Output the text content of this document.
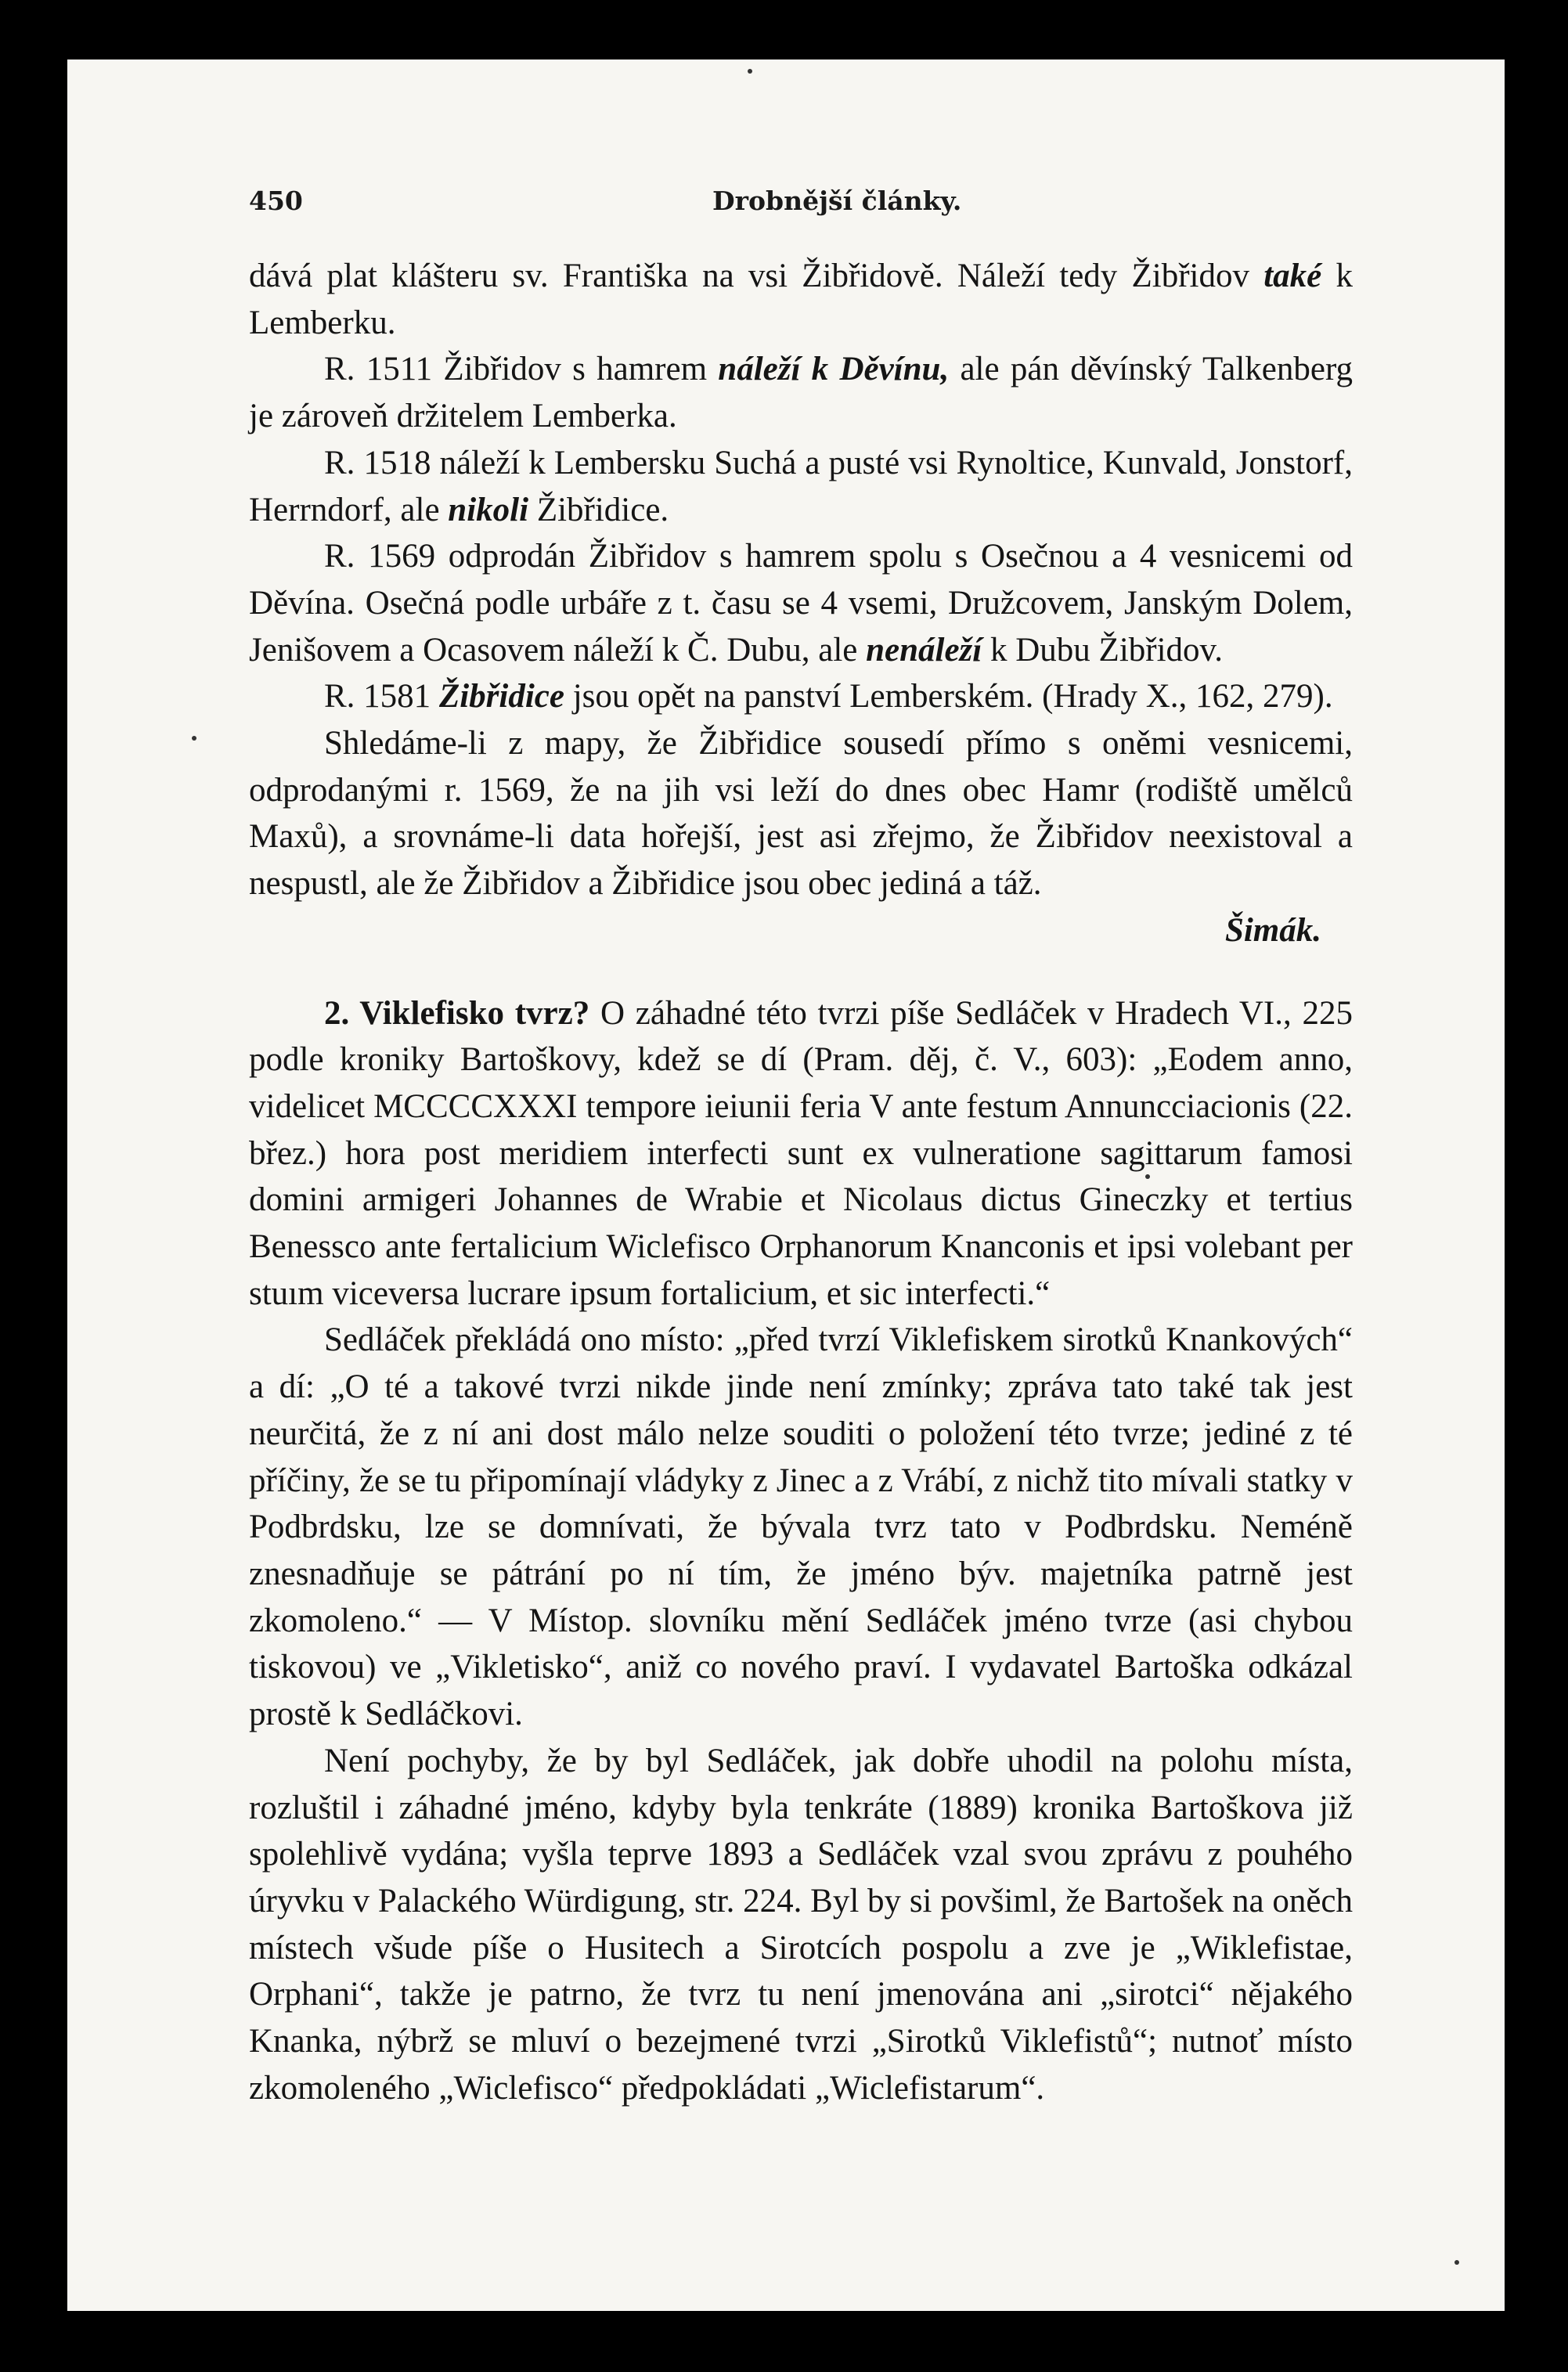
450	Drobnější články.

dává plat klášteru sv. Františka na vsi Žibřidově. Náleží tedy Žibřidov také k Lemberku.

R. 1511 Žibřidov s hamrem náleží k Děvínu, ale pán děvínský Talkenberg je zároveň držitelem Lemberka.

R. 1518 náleží k Lembersku Suchá a pusté vsi Rynoltice, Kunvald, Jonstorf, Herrndorf, ale nikoli Žibřidice.

R. 1569 odprodán Žibřidov s hamrem spolu s Osečnou a 4 vesnicemi od Děvína. Osečná podle urbáře z t. času se 4 vsemi, Družcovem, Janským Dolem, Jenišovem a Ocasovem náleží k Č. Dubu, ale nenáleží k Dubu Žibřidov.

R. 1581 Žibřidice jsou opět na panství Lemberském. (Hrady X., 162, 279).

Shledáme-li z mapy, že Žibřidice sousedí přímo s oněmi vesnicemi, odprodanými r. 1569, že na jih vsi leží do dnes obec Hamr (rodiště umělců Maxů), a srovnáme-li data hořejší, jest asi zřejmo, že Žibřidov neexistoval a nespustl, ale že Žibřidov a Žibřidice jsou obec jediná a táž.

Šimák.

2. Viklefisko tvrz? O záhadné této tvrzi píše Sedláček v Hradech VI., 225 podle kroniky Bartoškovy, kdež se dí (Pram. děj, č. V., 603): „Eodem anno, videlicet MCCCCXXXI tempore ieiunii feria V ante festum Annuncciacionis (22. břez.) hora post meridiem interfecti sunt ex vulneratione sagittarum famosi domini armigeri Johannes de Wrabie et Nicolaus dictus Gineczky et tertius Benessco ante fertalicium Wiclefisco Orphanorum Knanconis et ipsi volebant per stuım viceversa lucrare ipsum fortalicium, et sic interfecti.“

Sedláček překládá ono místo: „před tvrzí Viklefiskem sirotků Knankových“ a dí: „O té a takové tvrzi nikde jinde není zmínky; zpráva tato také tak jest neurčitá, že z ní ani dost málo nelze souditi o položení této tvrze; jediné z té příčiny, že se tu připomínají vládyky z Jinec a z Vrábí, z nichž tito mívali statky v Podbrdsku, lze se domnívati, že bývala tvrz tato v Podbrdsku. Neméně znesnadňuje se pátrání po ní tím, že jméno býv. majetníka patrně jest zkomoleno.“ — V Místop. slovníku mění Sedláček jméno tvrze (asi chybou tiskovou) ve „Vikletisko“, aniž co nového praví. I vydavatel Bartoška odkázal prostě k Sedláčkovi.

Není pochyby, že by byl Sedláček, jak dobře uhodil na polohu místa, rozluštil i záhadné jméno, kdyby byla tenkráte (1889) kronika Bartoškova již spolehlivě vydána; vyšla teprve 1893 a Sedláček vzal svou zprávu z pouhého úryvku v Palackého Würdigung, str. 224. Byl by si povšiml, že Bartošek na oněch místech všude píše o Husitech a Sirotcích pospolu a zve je „Wiklefistae, Orphani“, takže je patrno, že tvrz tu není jmenována ani „sirotci“ nějakého Knanka, nýbrž se mluví o bezejmené tvrzi „Sirotků Viklefistů“; nutnoť místo zkomoleného „Wiclefisco“ předpokládati „Wiclefistarum“.
